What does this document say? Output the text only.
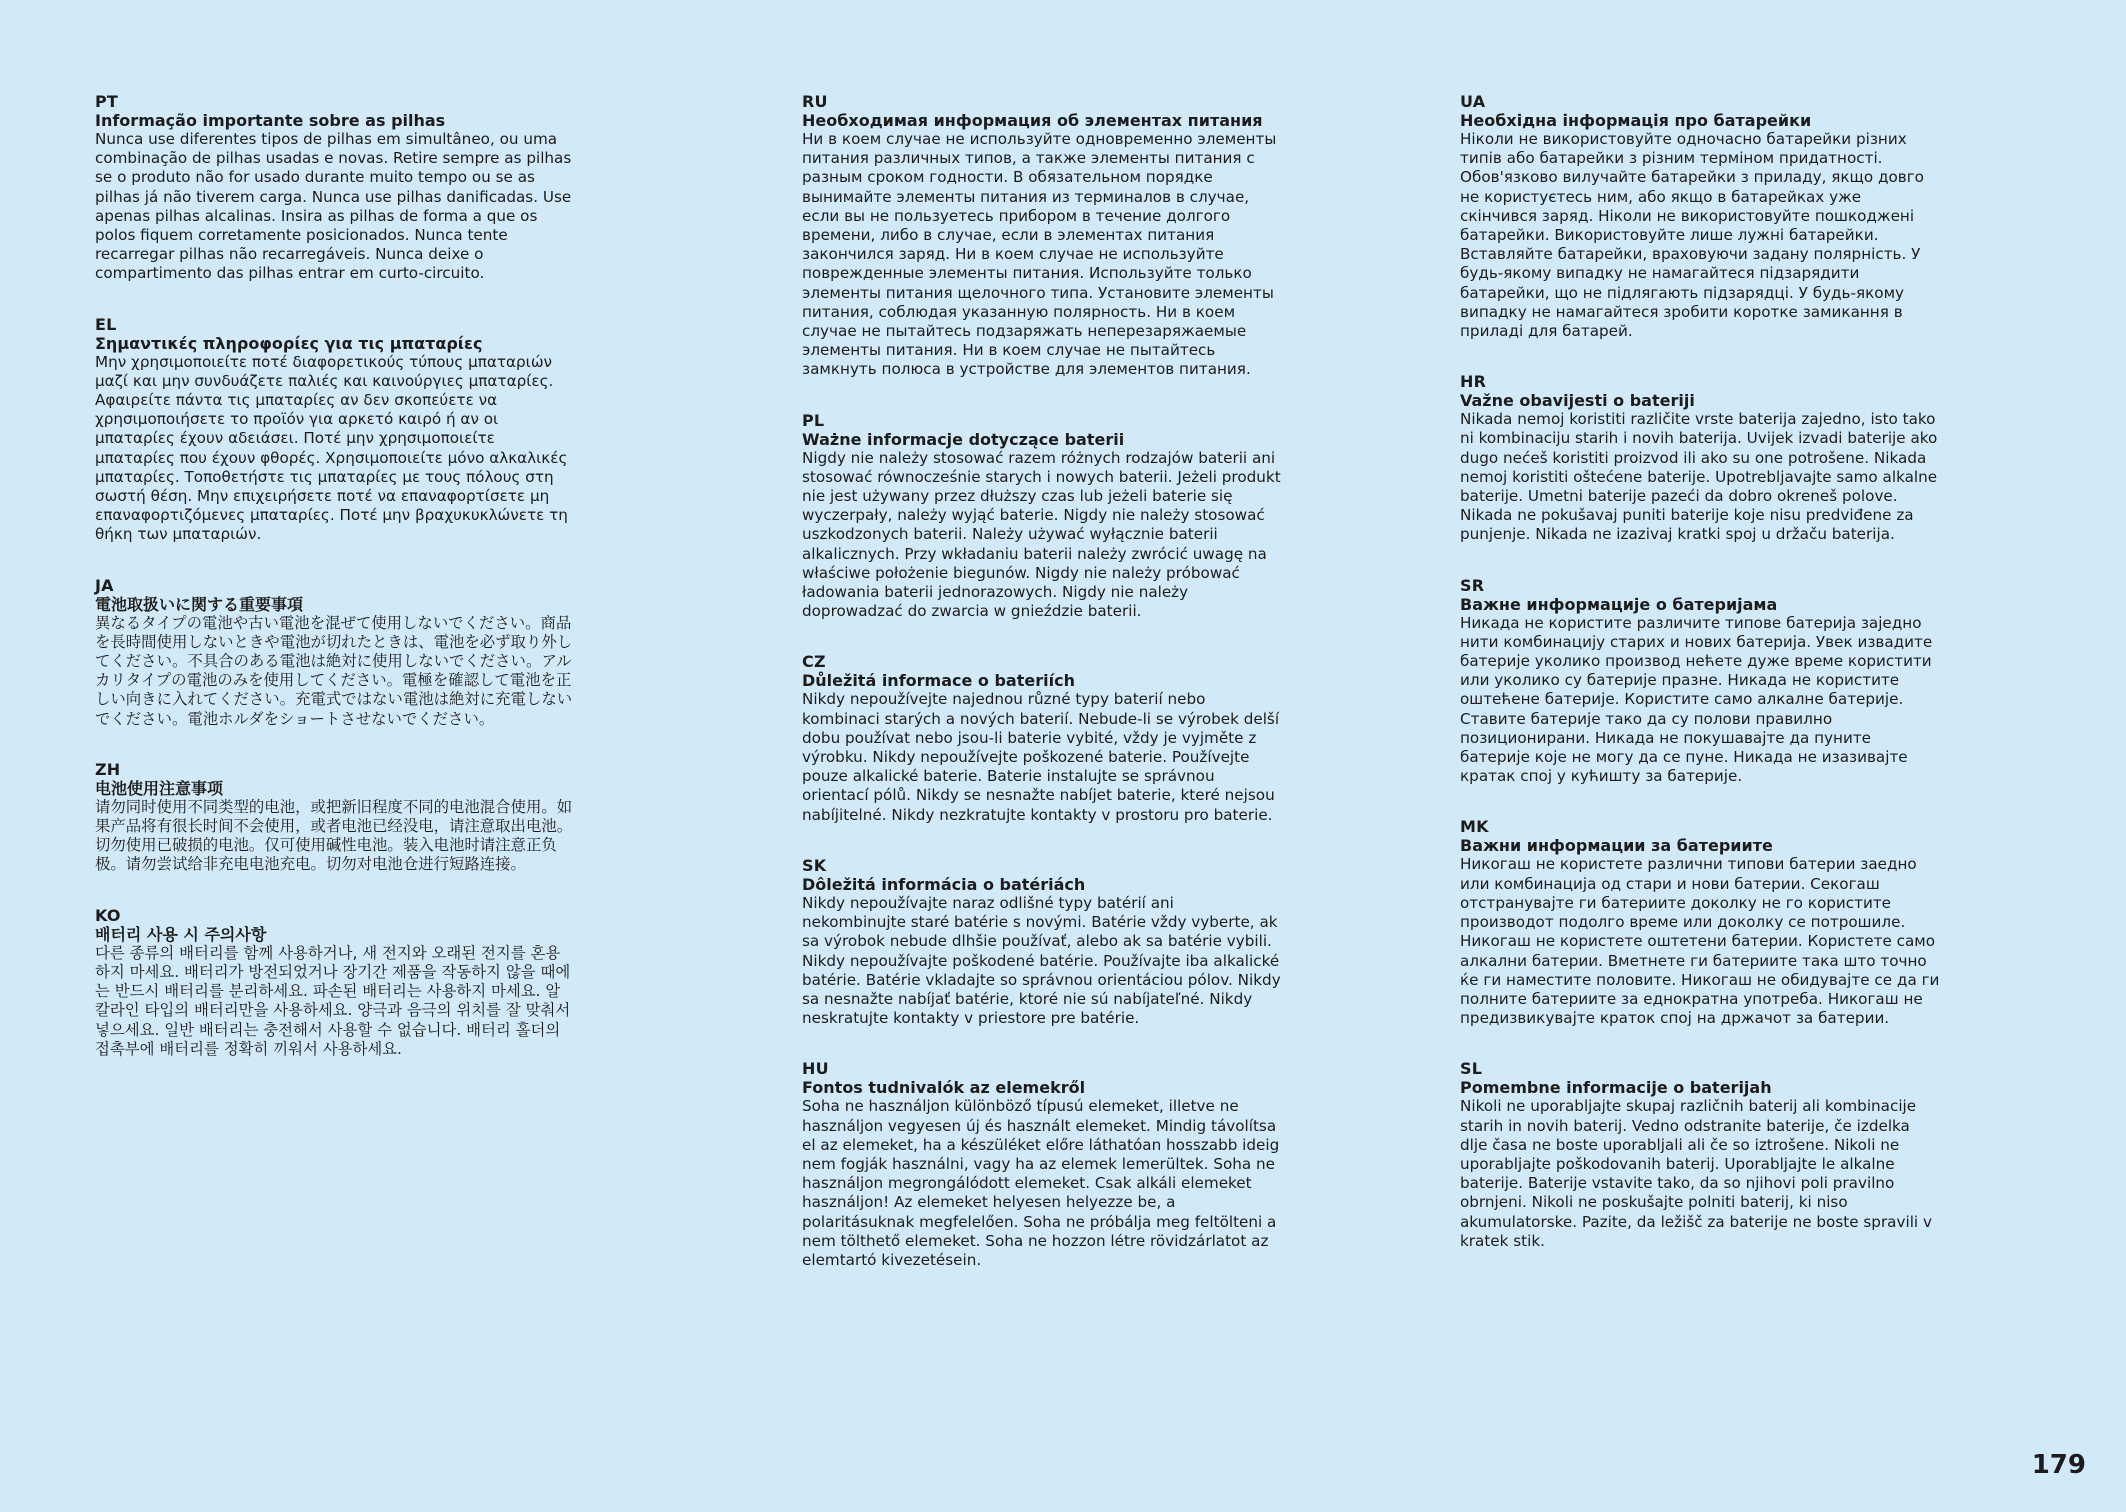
PT
Informação importante sobre as pilhas

Nunca use diferentes tipos de pilhas em simultâneo, ou uma combinação de pilhas usadas e novas. Retire sempre as pilhas se o produto não for usado durante muito tempo ou se as pilhas já não tiverem carga. Nunca use pilhas danificadas. Use apenas pilhas alcalinas. Insira as pilhas de forma a que os polos fiquem corretamente posicionados. Nunca tente recarregar pilhas não recarregáveis. Nunca deixe o compartimento das pilhas entrar em curto-circuito.

EL
Σημαντικές πληροφορίες για τις μπαταρίες

Μην χρησιμοποιείτε ποτέ διαφορετικούς τύπους μπαταριών μαζί και μην συνδυάζετε παλιές και καινούργιες μπαταρίες. Αφαιρείτε πάντα τις μπαταρίες αν δεν σκοπεύετε να χρησιμοποιήσετε το προϊόν για αρκετό καιρό ή αν οι μπαταρίες έχουν αδειάσει. Ποτέ μην χρησιμοποιείτε μπαταρίες που έχουν φθορές. Χρησιμοποιείτε μόνο αλκαλικές μπαταρίες. Τοποθετήστε τις μπαταρίες με τους πόλους στη σωστή θέση. Μην επιχειρήσετε ποτέ να επαναφορτίσετε μη επαναφορτιζόμενες μπαταρίες. Ποτέ μην βραχυκυκλώνετε τη θήκη των μπαταριών.

JA
電池取扱いに関する重要事項

異なるタイプの電池や古い電池を混ぜて使用しないでください。商品を長時間使用しないときや電池が切れたときは、電池を必ず取り外してください。不具合のある電池は絶対に使用しないでください。アルカリタイプの電池のみを使用してください。電極を確認して電池を正しい向きに入れてください。充電式ではない電池は絶対に充電しないでください。電池ホルダをショートさせないでください。

ZH
电池使用注意事项

请勿同时使用不同类型的电池，或把新旧程度不同的电池混合使用。如果产品将有很长时间不会使用，或者电池已经没电，请注意取出电池。切勿使用已破损的电池。仅可使用碱性电池。装入电池时请注意正负极。请勿尝试给非充电电池充电。切勿对电池仓进行短路连接。

KO
배터리 사용 시 주의사항

다른 종류의 배터리를 함께 사용하거나, 새 전지와 오래된 전지를 혼용하지 마세요. 배터리가 방전되었거나 장기간 제품을 작동하지 않을 때에는 반드시 배터리를 분리하세요. 파손된 배터리는 사용하지 마세요. 알칼라인 타입의 배터리만을 사용하세요. 양극과 음극의 위치를 잘 맞춰서 넣으세요. 일반 배터리는 충전해서 사용할 수 없습니다. 배터리 홀더의 접촉부에 배터리를 정확히 끼워서 사용하세요.

RU
Необходимая информация об элементах питания

Ни в коем случае не используйте одновременно элементы питания различных типов, а также элементы питания с разным сроком годности. В обязательном порядке вынимайте элементы питания из терминалов в случае, если вы не пользуетесь прибором в течение долгого времени, либо в случае, если в элементах питания закончился заряд. Ни в коем случае не используйте поврежденные элементы питания. Используйте только элементы питания щелочного типа. Установите элементы питания, соблюдая указанную полярность. Ни в коем случае не пытайтесь подзаряжать неперезаряжаемые элементы питания. Ни в коем случае не пытайтесь замкнуть полюса в устройстве для элементов питания.

PL
Ważne informacje dotyczące baterii

Nigdy nie należy stosować razem różnych rodzajów baterii ani stosować równocześnie starych i nowych baterii. Jeżeli produkt nie jest używany przez dłuższy czas lub jeżeli baterie się wyczerpały, należy wyjąć baterie. Nigdy nie należy stosować uszkodzonych baterii. Należy używać wyłącznie baterii alkalicznych. Przy wkładaniu baterii należy zwrócić uwagę na właściwe położenie biegunów. Nigdy nie należy próbować ładowania baterii jednorazowych. Nigdy nie należy doprowadzać do zwarcia w gnieździe baterii.

CZ
Důležitá informace o bateriích

Nikdy nepoužívejte najednou různé typy baterií nebo kombinaci starých a nových baterií. Nebude-li se výrobek delší dobu používat nebo jsou-li baterie vybité, vždy je vyjměte z výrobku. Nikdy nepoužívejte poškozené baterie. Používejte pouze alkalické baterie. Baterie instalujte se správnou orientací pólů. Nikdy se nesnažte nabíjet baterie, které nejsou nabíjitelné. Nikdy nezkratujte kontakty v prostoru pro baterie.

SK
Dôležitá informácia o batériách

Nikdy nepoužívajte naraz odlišné typy batérií ani nekombinujte staré batérie s novými. Batérie vždy vyberte, ak sa výrobok nebude dlhšie používať, alebo ak sa batérie vybili. Nikdy nepoužívajte poškodené batérie. Používajte iba alkalické batérie. Batérie vkladajte so správnou orientáciou pólov. Nikdy sa nesnažte nabíjať batérie, ktoré nie sú nabíjateľné. Nikdy neskratujte kontakty v priestore pre batérie.

HU
Fontos tudnivalók az elemekről

Soha ne használjon különböző típusú elemeket, illetve ne használjon vegyesen új és használt elemeket. Mindig távolítsa el az elemeket, ha a készüléket előre láthatóan hosszabb ideig nem fogják használni, vagy ha az elemek lemerültek. Soha ne használjon megrongálódott elemeket. Csak alkáli elemeket használjon! Az elemeket helyesen helyezze be, a polaritásuknak megfelelően. Soha ne próbálja meg feltölteni a nem tölthető elemeket. Soha ne hozzon létre rövidzárlatot az elemtartó kivezetésein.

UA
Необхідна інформація про батарейки

Ніколи не використовуйте одночасно батарейки різних типів або батарейки з різним терміном придатності. Обов'язково вилучайте батарейки з приладу, якщо довго не користуєтесь ним, або якщо в батарейках уже скінчився заряд. Ніколи не використовуйте пошкоджені батарейки. Використовуйте лише лужні батарейки. Вставляйте батарейки, враховуючи задану полярність. У будь-якому випадку не намагайтеся підзарядити батарейки, що не підлягають підзарядці. У будь-якому випадку не намагайтеся зробити коротке замикання в приладі для батарей.

HR
Važne obavijesti o bateriji

Nikada nemoj koristiti različite vrste baterija zajedno, isto tako ni kombinaciju starih i novih baterija. Uvijek izvadi baterije ako dugo nećeš koristiti proizvod ili ako su one potrošene. Nikada nemoj koristiti oštećene baterije. Upotrebljavajte samo alkalne baterije. Umetni baterije pazeći da dobro okreneš polove. Nikada ne pokušavaj puniti baterije koje nisu predviđene za punjenje. Nikada ne izazivaj kratki spoj u držaču baterija.

SR
Важне информације о батеријама

Никада не користите различите типове батерија заједно нити комбинацију старих и нових батерија. Увек извадите батерије уколико производ нећете дуже време користити или уколико су батерије празне. Никада не користите оштећене батерије. Користите само алкалне батерије. Ставите батерије тако да су полови правилно позиционирани. Никада не покушавајте да пуните батерије које не могу да се пуне. Никада не изазивајте кратак спој у кућишту за батерије.

MK
Важни информации за батериите

Никогаш не користете различни типови батерии заедно или комбинација од стари и нови батерии. Секогаш отстранувајте ги батериите доколку не го користите производот подолго време или доколку се потрошиле. Никогаш не користете оштетени батерии. Користете само алкални батерии. Вметнете ги батериите така што точно ќе ги наместите половите. Никогаш не обидувајте се да ги полните батериите за еднократна употреба. Никогаш не предизвикувајте краток спој на држачот за батерии.

SL
Pomembne informacije o baterijah

Nikoli ne uporabljajte skupaj različnih baterij ali kombinacije starih in novih baterij. Vedno odstranite baterije, če izdelka dlje časa ne boste uporabljali ali če so iztrošene. Nikoli ne uporabljajte poškodovanih baterij. Uporabljajte le alkalne baterije. Baterije vstavite tako, da so njihovi poli pravilno obrnjeni. Nikoli ne poskušajte polniti baterij, ki niso akumulatorske. Pazite, da ležišč za baterije ne boste spravili v kratek stik.

179
